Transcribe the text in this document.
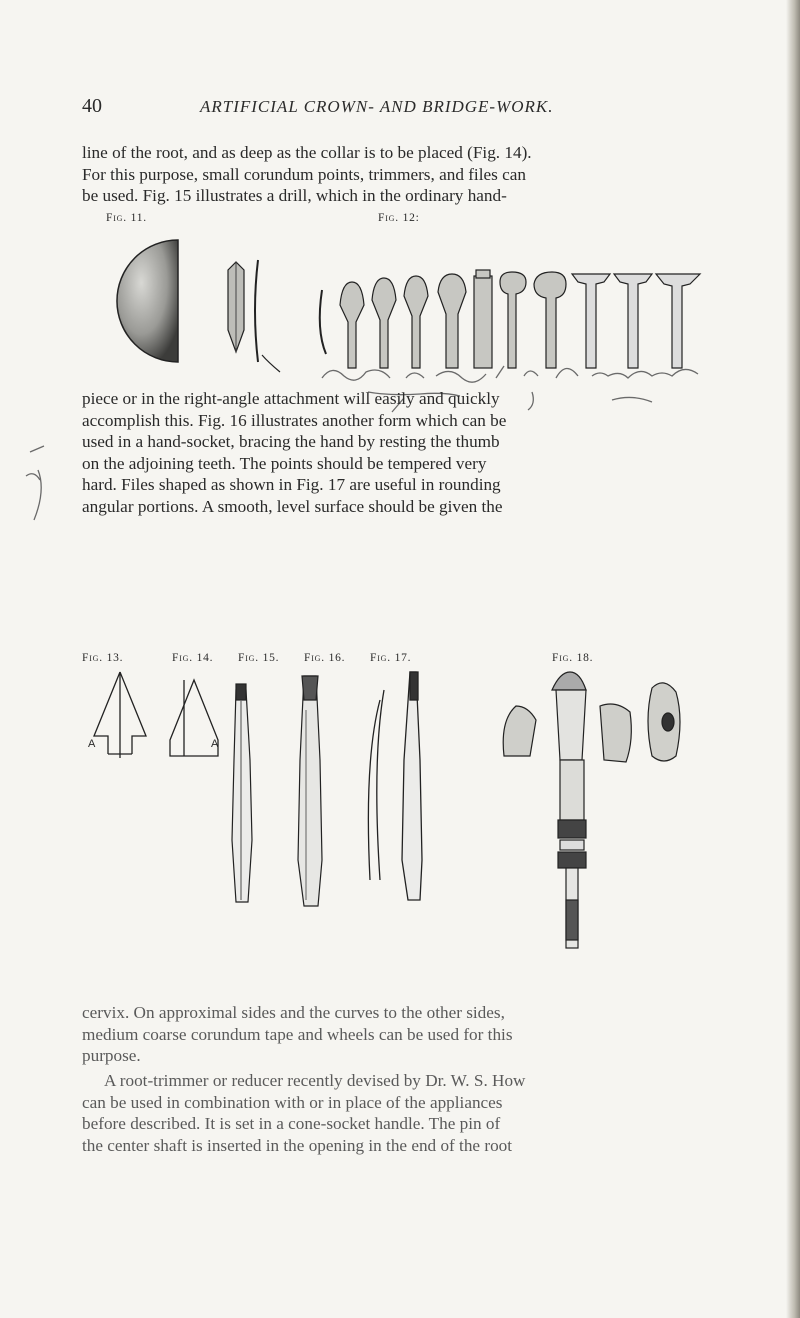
40	ARTIFICIAL CROWN- AND BRIDGE-WORK.

line of the root, and as deep as the collar is to be placed (Fig. 14).
For this purpose, small corundum points, trimmers, and files can
be used. Fig. 15 illustrates a drill, which in the ordinary hand-

Fig. 11.	Fig. 12:
Fig. 13.	Fig. 14. Fig. 15. Fig. 16. Fig. 17.	Fig. 18.
A	A

piece or in the right-angle attachment will easily and quickly
accomplish this. Fig. 16 illustrates another form which can be
used in a hand-socket, bracing the hand by resting the thumb
on the adjoining teeth. The points should be tempered very
hard. Files shaped as shown in Fig. 17 are useful in rounding
angular portions. A smooth, level surface should be given the

cervix. On approximal sides and the curves to the other sides,
medium coarse corundum tape and wheels can be used for this
purpose.

A root-trimmer or reducer recently devised by Dr. W. S. How
can be used in combination with or in place of the appliances
before described. It is set in a cone-socket handle. The pin of
the center shaft is inserted in the opening in the end of the root
